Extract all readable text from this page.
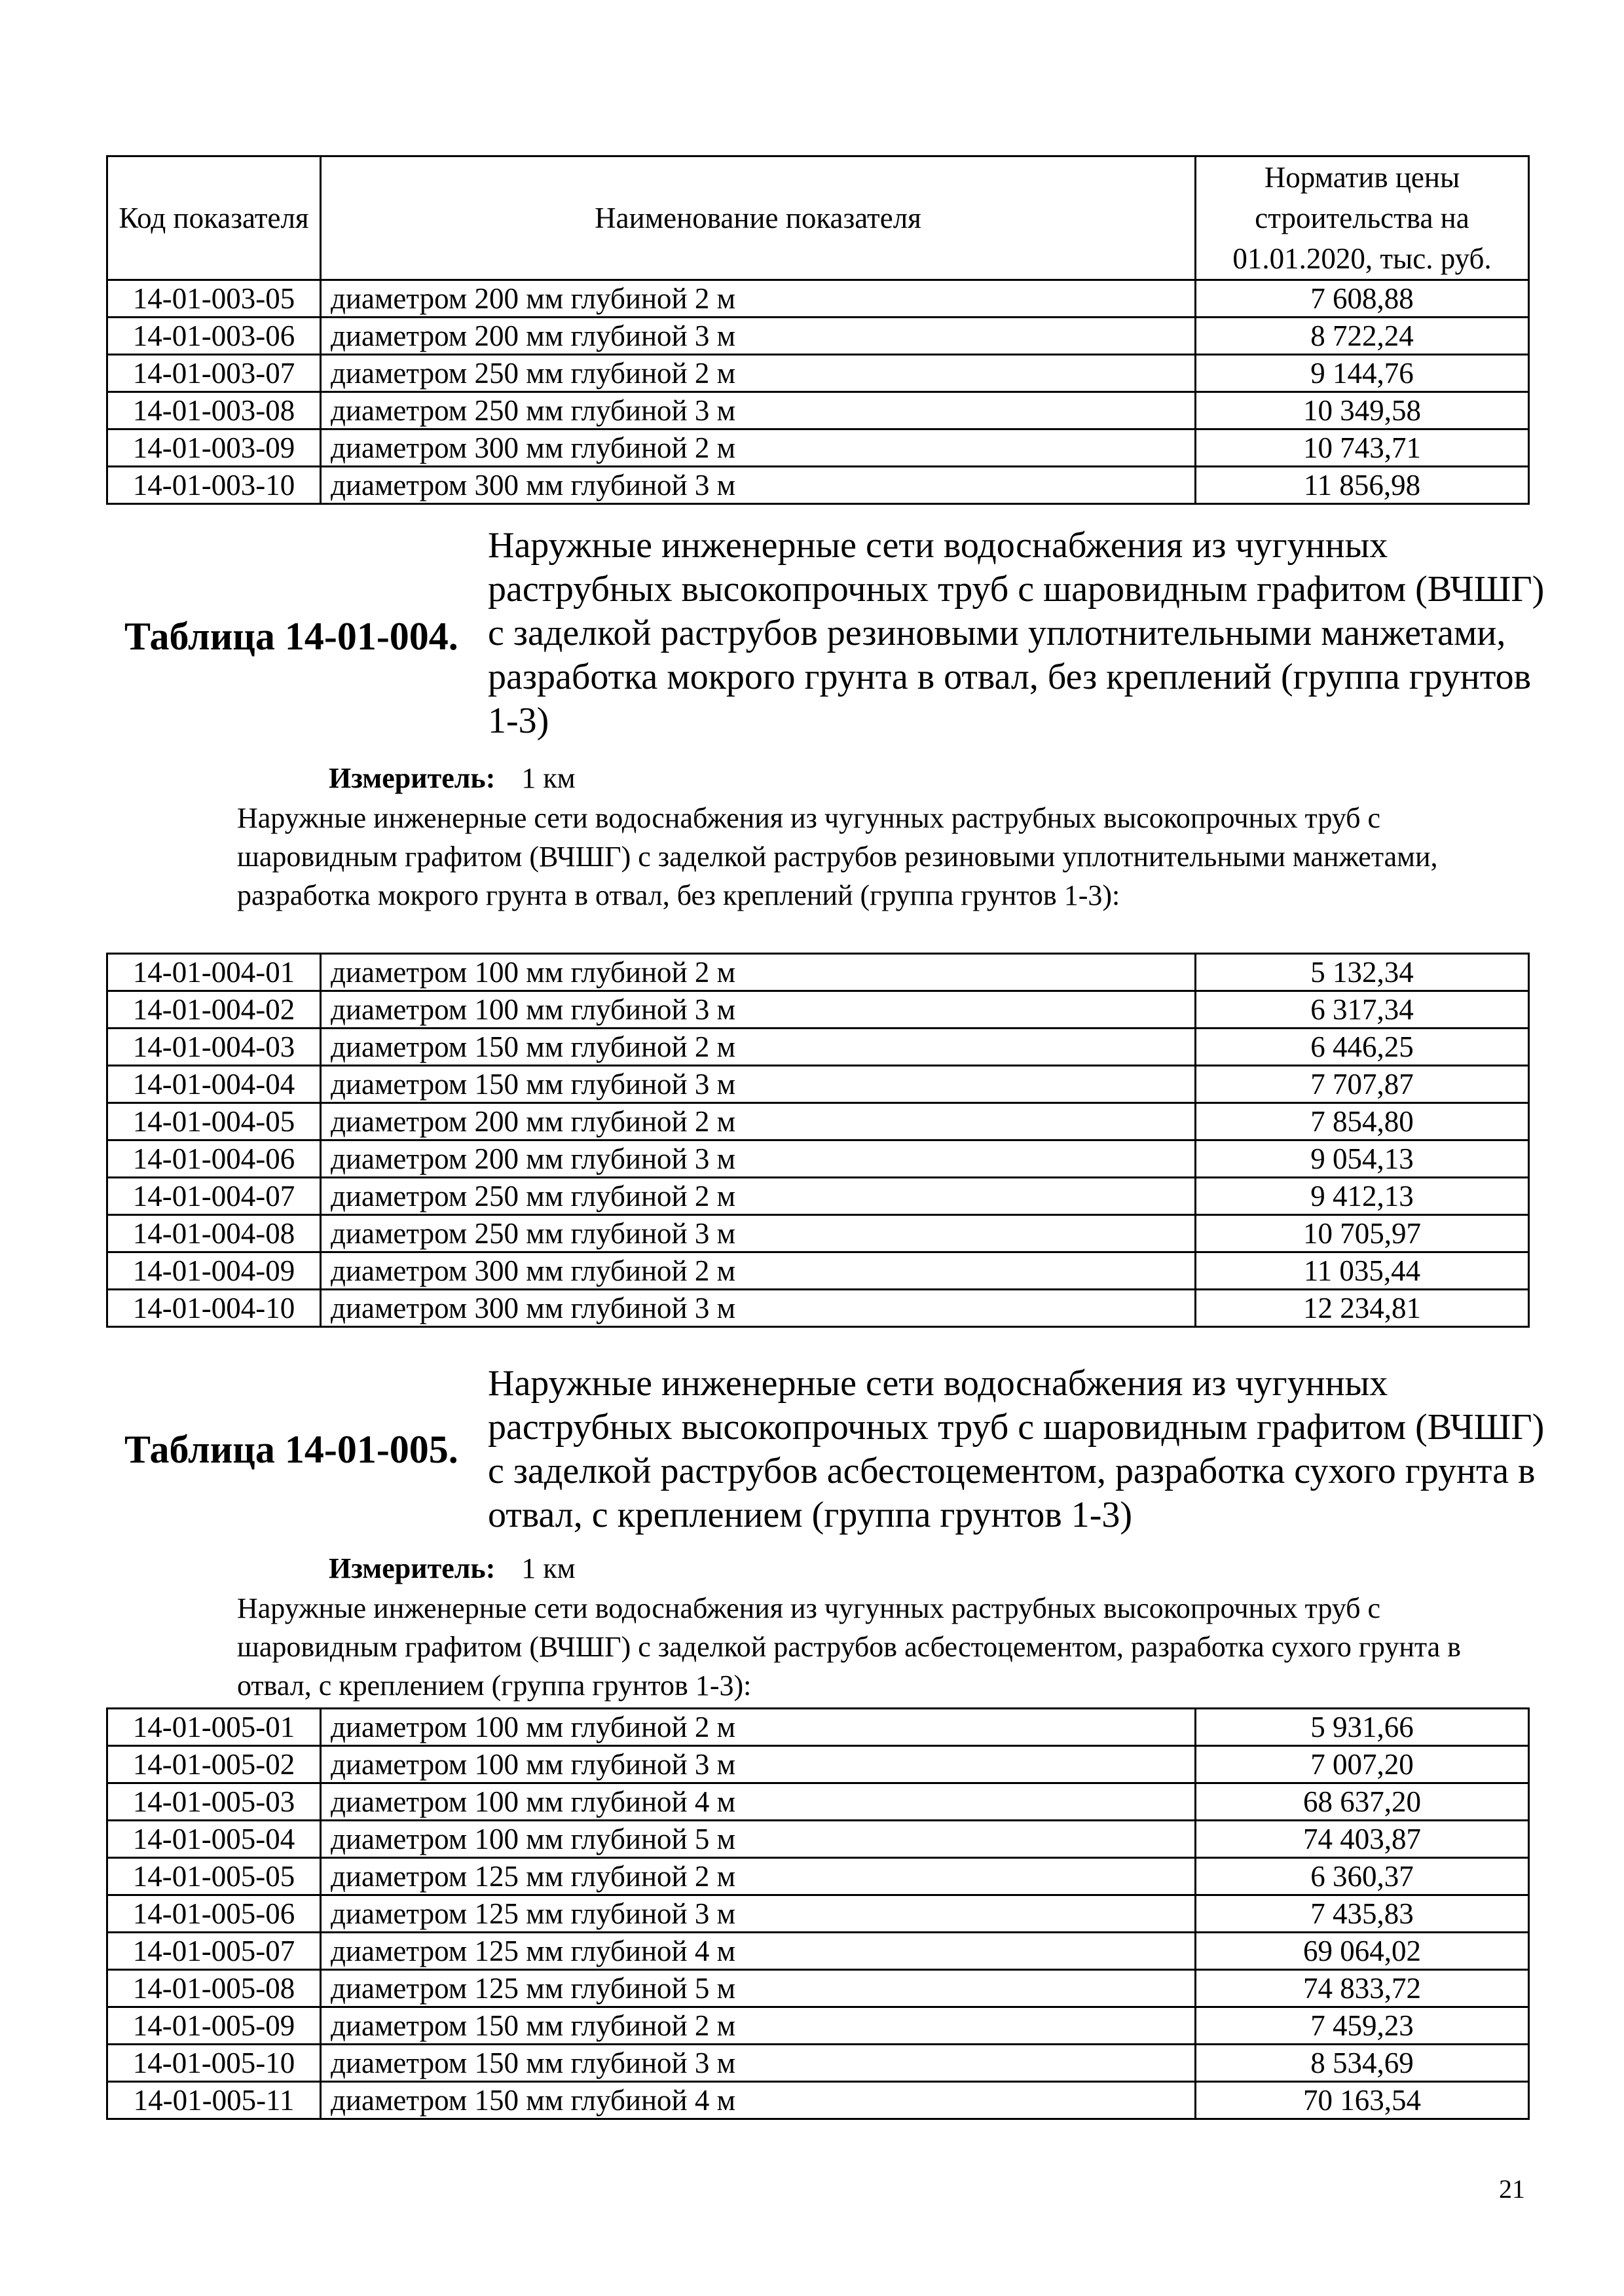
Код показателя	Наименование показателя	Норматив цены строительства на 01.01.2020, тыс. руб.
14-01-003-05	диаметром 200 мм глубиной 2 м	7 608,88
14-01-003-06	диаметром 200 мм глубиной 3 м	8 722,24
14-01-003-07	диаметром 250 мм глубиной 2 м	9 144,76
14-01-003-08	диаметром 250 мм глубиной 3 м	10 349,58
14-01-003-09	диаметром 300 мм глубиной 2 м	10 743,71
14-01-003-10	диаметром 300 мм глубиной 3 м	11 856,98
Таблица 14-01-004.
Наружные инженерные сети водоснабжения из чугунных раструбных высокопрочных труб с шаровидным графитом (ВЧШГ) с заделкой раструбов резиновыми уплотнительными манжетами, разработка мокрого грунта в отвал, без креплений (группа грунтов 1-3)
Измеритель: 1 км
Наружные инженерные сети водоснабжения из чугунных раструбных высокопрочных труб с шаровидным графитом (ВЧШГ) с заделкой раструбов резиновыми уплотнительными манжетами, разработка мокрого грунта в отвал, без креплений (группа грунтов 1-3):
14-01-004-01	диаметром 100 мм глубиной 2 м	5 132,34
14-01-004-02	диаметром 100 мм глубиной 3 м	6 317,34
14-01-004-03	диаметром 150 мм глубиной 2 м	6 446,25
14-01-004-04	диаметром 150 мм глубиной 3 м	7 707,87
14-01-004-05	диаметром 200 мм глубиной 2 м	7 854,80
14-01-004-06	диаметром 200 мм глубиной 3 м	9 054,13
14-01-004-07	диаметром 250 мм глубиной 2 м	9 412,13
14-01-004-08	диаметром 250 мм глубиной 3 м	10 705,97
14-01-004-09	диаметром 300 мм глубиной 2 м	11 035,44
14-01-004-10	диаметром 300 мм глубиной 3 м	12 234,81
Таблица 14-01-005.
Наружные инженерные сети водоснабжения из чугунных раструбных высокопрочных труб с шаровидным графитом (ВЧШГ) с заделкой раструбов асбестоцементом, разработка сухого грунта в отвал, с креплением (группа грунтов 1-3)
Измеритель: 1 км
Наружные инженерные сети водоснабжения из чугунных раструбных высокопрочных труб с шаровидным графитом (ВЧШГ) с заделкой раструбов асбестоцементом, разработка сухого грунта в отвал, с креплением (группа грунтов 1-3):
14-01-005-01	диаметром 100 мм глубиной 2 м	5 931,66
14-01-005-02	диаметром 100 мм глубиной 3 м	7 007,20
14-01-005-03	диаметром 100 мм глубиной 4 м	68 637,20
14-01-005-04	диаметром 100 мм глубиной 5 м	74 403,87
14-01-005-05	диаметром 125 мм глубиной 2 м	6 360,37
14-01-005-06	диаметром 125 мм глубиной 3 м	7 435,83
14-01-005-07	диаметром 125 мм глубиной 4 м	69 064,02
14-01-005-08	диаметром 125 мм глубиной 5 м	74 833,72
14-01-005-09	диаметром 150 мм глубиной 2 м	7 459,23
14-01-005-10	диаметром 150 мм глубиной 3 м	8 534,69
14-01-005-11	диаметром 150 мм глубиной 4 м	70 163,54
21
